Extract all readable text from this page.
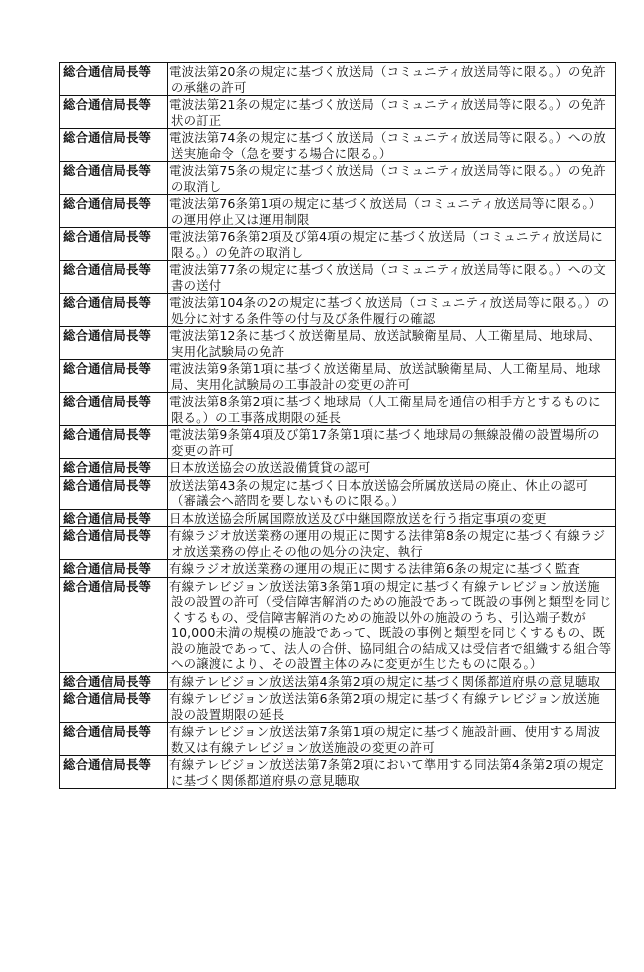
総合通信局長等	電波法第20条の規定に基づく放送局（コミュニティ放送局等に限る。）の免許の承継の許可
総合通信局長等	電波法第21条の規定に基づく放送局（コミュニティ放送局等に限る。）の免許状の訂正
総合通信局長等	電波法第74条の規定に基づく放送局（コミュニティ放送局等に限る。）への放送実施命令（急を要する場合に限る。）
総合通信局長等	電波法第75条の規定に基づく放送局（コミュニティ放送局等に限る。）の免許の取消し
総合通信局長等	電波法第76条第1項の規定に基づく放送局（コミュニティ放送局等に限る。）の運用停止又は運用制限
総合通信局長等	電波法第76条第2項及び第4項の規定に基づく放送局（コミュニティ放送局に限る。）の免許の取消し
総合通信局長等	電波法第77条の規定に基づく放送局（コミュニティ放送局等に限る。）への文書の送付
総合通信局長等	電波法第104条の2の規定に基づく放送局（コミュニティ放送局等に限る。）の処分に対する条件等の付与及び条件履行の確認
総合通信局長等	電波法第12条に基づく放送衛星局、放送試験衛星局、人工衛星局、地球局、実用化試験局の免許
総合通信局長等	電波法第9条第1項に基づく放送衛星局、放送試験衛星局、人工衛星局、地球局、実用化試験局の工事設計の変更の許可
総合通信局長等	電波法第8条第2項に基づく地球局（人工衛星局を通信の相手方とするものに限る。）の工事落成期限の延長
総合通信局長等	電波法第9条第4項及び第17条第1項に基づく地球局の無線設備の設置場所の変更の許可
総合通信局長等	日本放送協会の放送設備賃貸の認可
総合通信局長等	放送法第43条の規定に基づく日本放送協会所属放送局の廃止、休止の認可（審議会へ諮問を要しないものに限る。）
総合通信局長等	日本放送協会所属国際放送及び中継国際放送を行う指定事項の変更
総合通信局長等	有線ラジオ放送業務の運用の規正に関する法律第8条の規定に基づく有線ラジオ放送業務の停止その他の処分の決定、執行
総合通信局長等	有線ラジオ放送業務の運用の規正に関する法律第6条の規定に基づく監査
総合通信局長等	有線テレビジョン放送法第3条第1項の規定に基づく有線テレビジョン放送施設の設置の許可（受信障害解消のための施設であって既設の事例と類型を同じくするもの、受信障害解消のための施設以外の施設のうち、引込端子数が10,000未満の規模の施設であって、既設の事例と類型を同じくするもの、既設の施設であって、法人の合併、協同組合の結成又は受信者で組織する組合等への譲渡により、その設置主体のみに変更が生じたものに限る。）
総合通信局長等	有線テレビジョン放送法第4条第2項の規定に基づく関係都道府県の意見聴取
総合通信局長等	有線テレビジョン放送法第6条第2項の規定に基づく有線テレビジョン放送施設の設置期限の延長
総合通信局長等	有線テレビジョン放送法第7条第1項の規定に基づく施設計画、使用する周波数又は有線テレビジョン放送施設の変更の許可
総合通信局長等	有線テレビジョン放送法第7条第2項において準用する同法第4条第2項の規定に基づく関係都道府県の意見聴取
